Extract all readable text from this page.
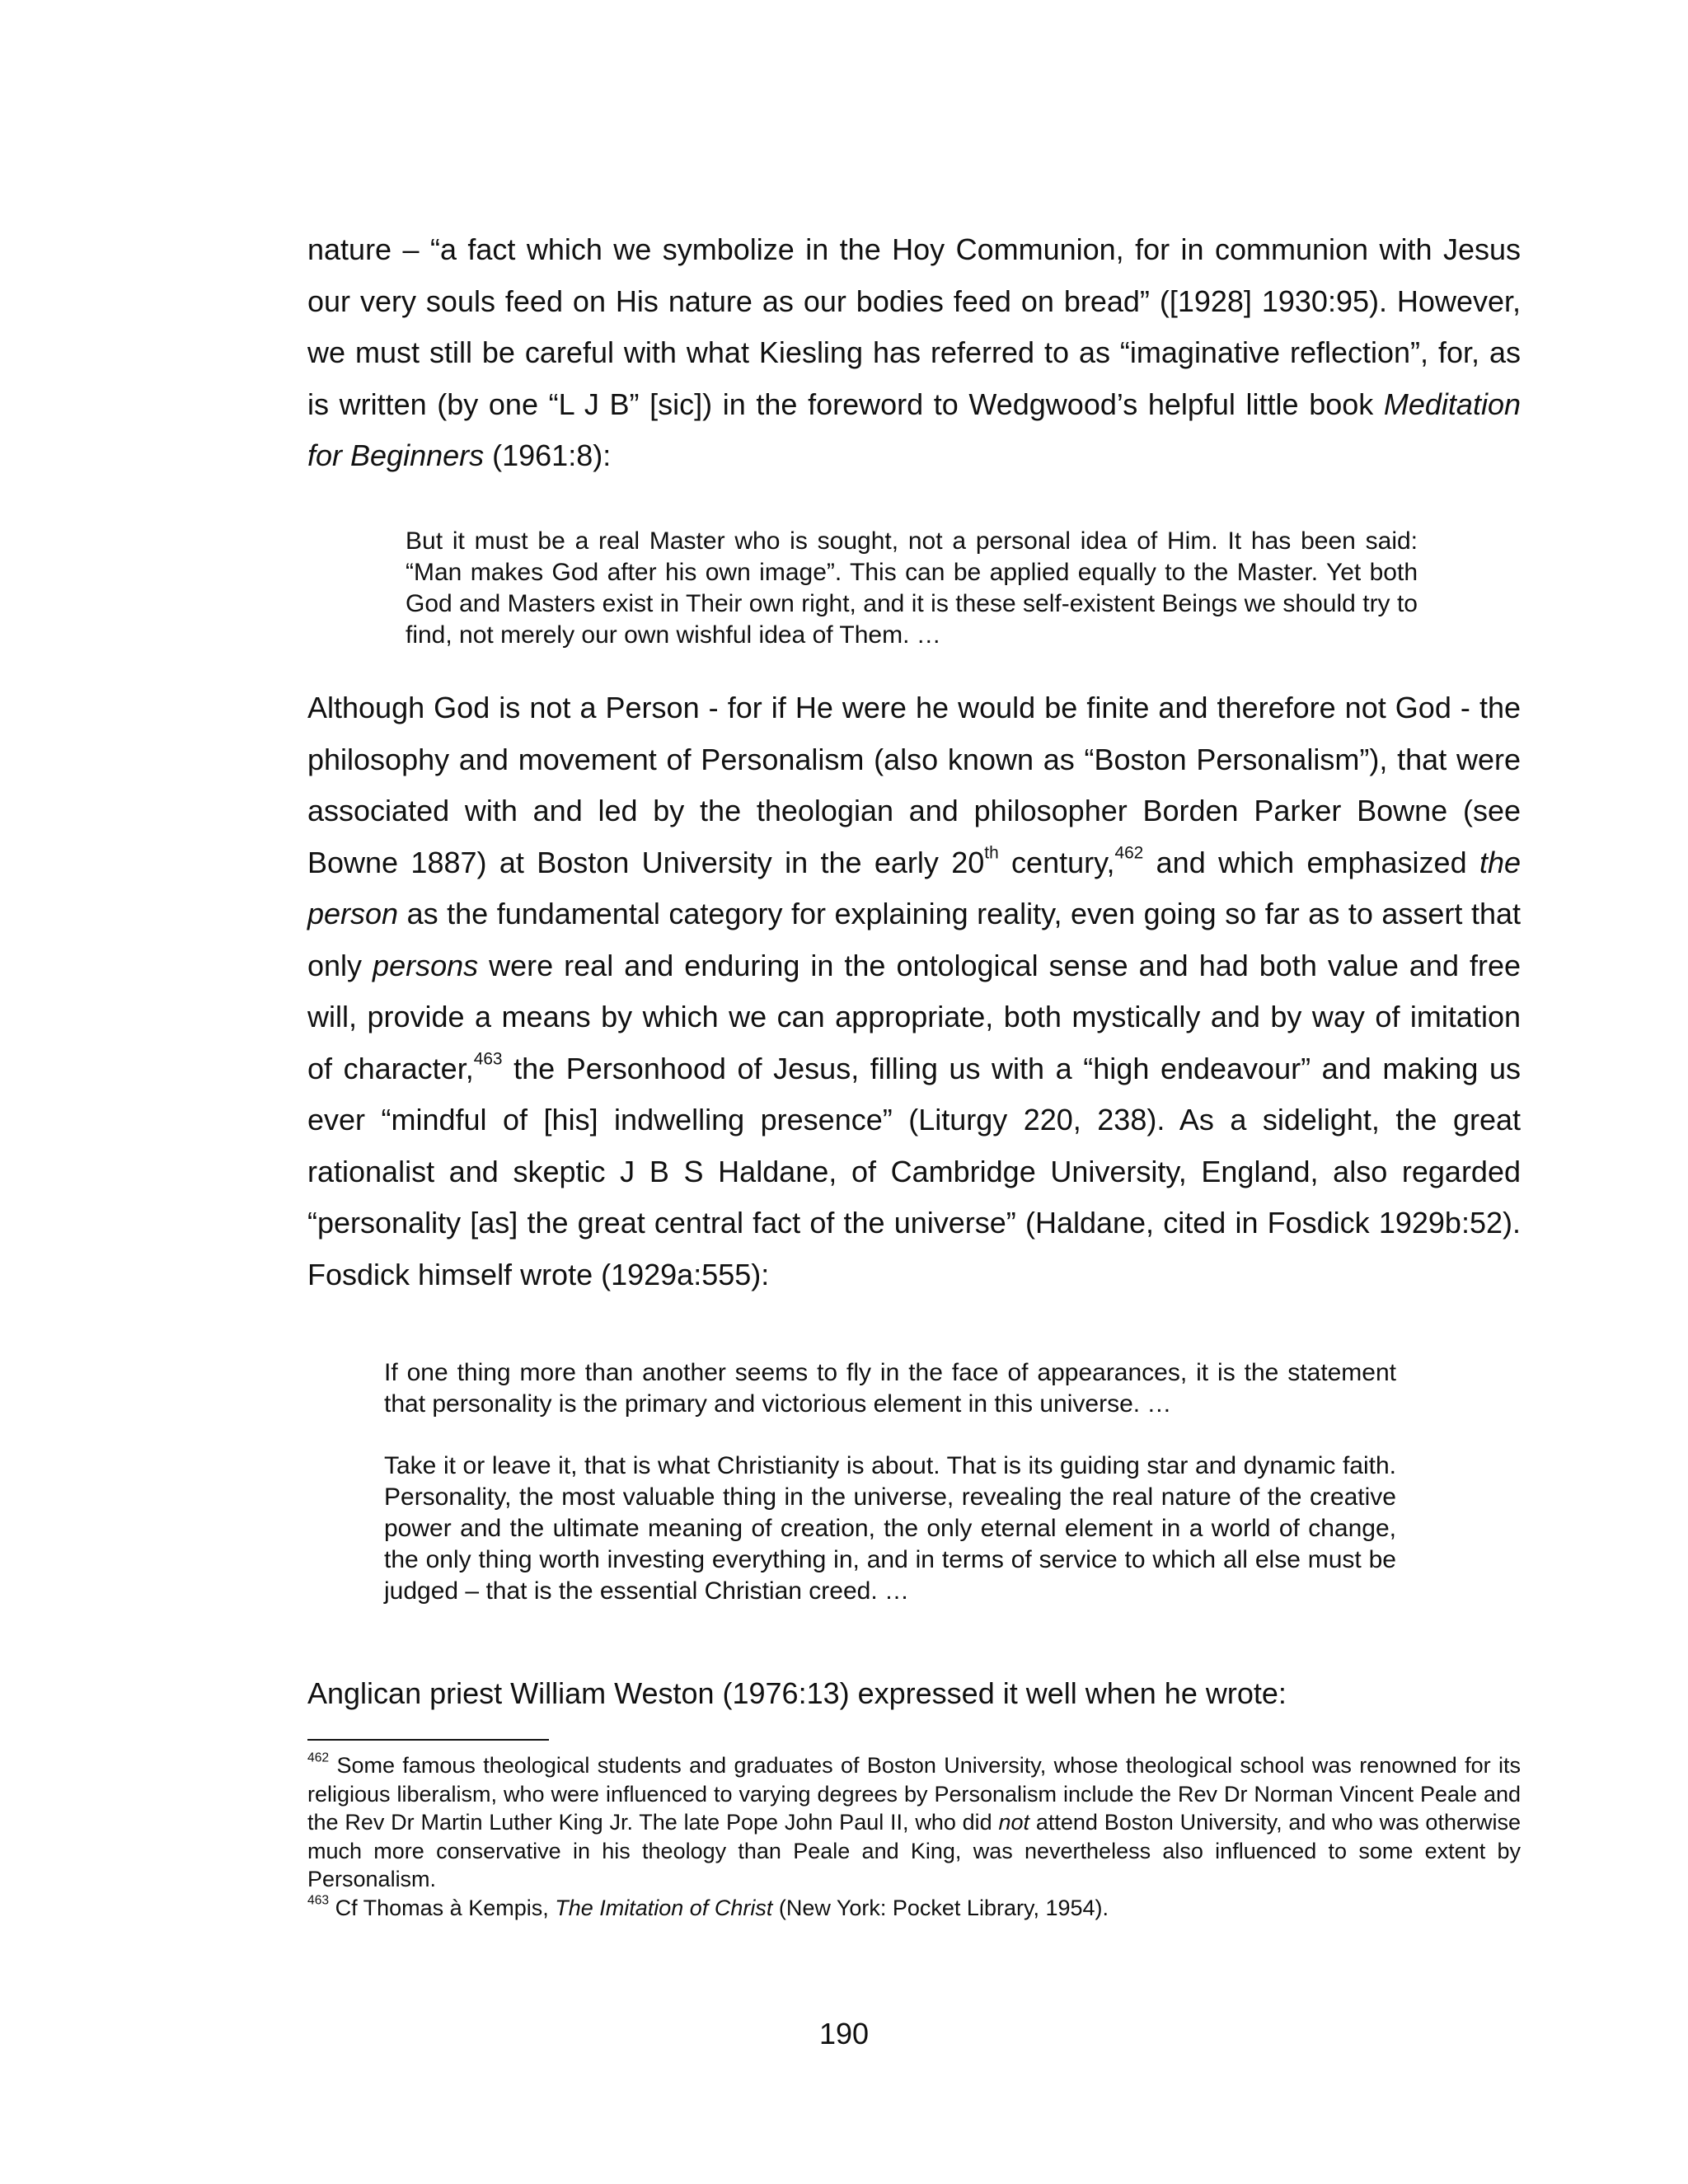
nature – “a fact which we symbolize in the Hoy Communion, for in communion with Jesus our very souls feed on His nature as our bodies feed on bread” ([1928] 1930:95). However, we must still be careful with what Kiesling has referred to as “imaginative reflection”, for, as is written (by one “L J B” [sic]) in the foreword to Wedgwood’s helpful little book Meditation for Beginners (1961:8):

But it must be a real Master who is sought, not a personal idea of Him. It has been said: “Man makes God after his own image”. This can be applied equally to the Master. Yet both God and Masters exist in Their own right, and it is these self-existent Beings we should try to find, not merely our own wishful idea of Them. …

Although God is not a Person - for if He were he would be finite and therefore not God - the philosophy and movement of Personalism (also known as “Boston Personalism”), that were associated with and led by the theologian and philosopher Borden Parker Bowne (see Bowne 1887) at Boston University in the early 20th century,$^{462}$ and which emphasized the person as the fundamental category for explaining reality, even going so far as to assert that only persons were real and enduring in the ontological sense and had both value and free will, provide a means by which we can appropriate, both mystically and by way of imitation of character,$^{463}$ the Personhood of Jesus, filling us with a “high endeavour” and making us ever “mindful of [his] indwelling presence” (Liturgy 220, 238). As a sidelight, the great rationalist and skeptic J B S Haldane, of Cambridge University, England, also regarded “personality [as] the great central fact of the universe” (Haldane, cited in Fosdick 1929b:52). Fosdick himself wrote (1929a:555):

If one thing more than another seems to fly in the face of appearances, it is the statement that personality is the primary and victorious element in this universe. …

Take it or leave it, that is what Christianity is about. That is its guiding star and dynamic faith. Personality, the most valuable thing in the universe, revealing the real nature of the creative power and the ultimate meaning of creation, the only eternal element in a world of change, the only thing worth investing everything in, and in terms of service to which all else must be judged – that is the essential Christian creed. …

Anglican priest William Weston (1976:13) expressed it well when he wrote:

$^{462}$ Some famous theological students and graduates of Boston University, whose theological school was renowned for its religious liberalism, who were influenced to varying degrees by Personalism include the Rev Dr Norman Vincent Peale and the Rev Dr Martin Luther King Jr. The late Pope John Paul II, who did not attend Boston University, and who was otherwise much more conservative in his theology than Peale and King, was nevertheless also influenced to some extent by Personalism.

$^{463}$ Cf Thomas à Kempis, The Imitation of Christ (New York: Pocket Library, 1954).

190
